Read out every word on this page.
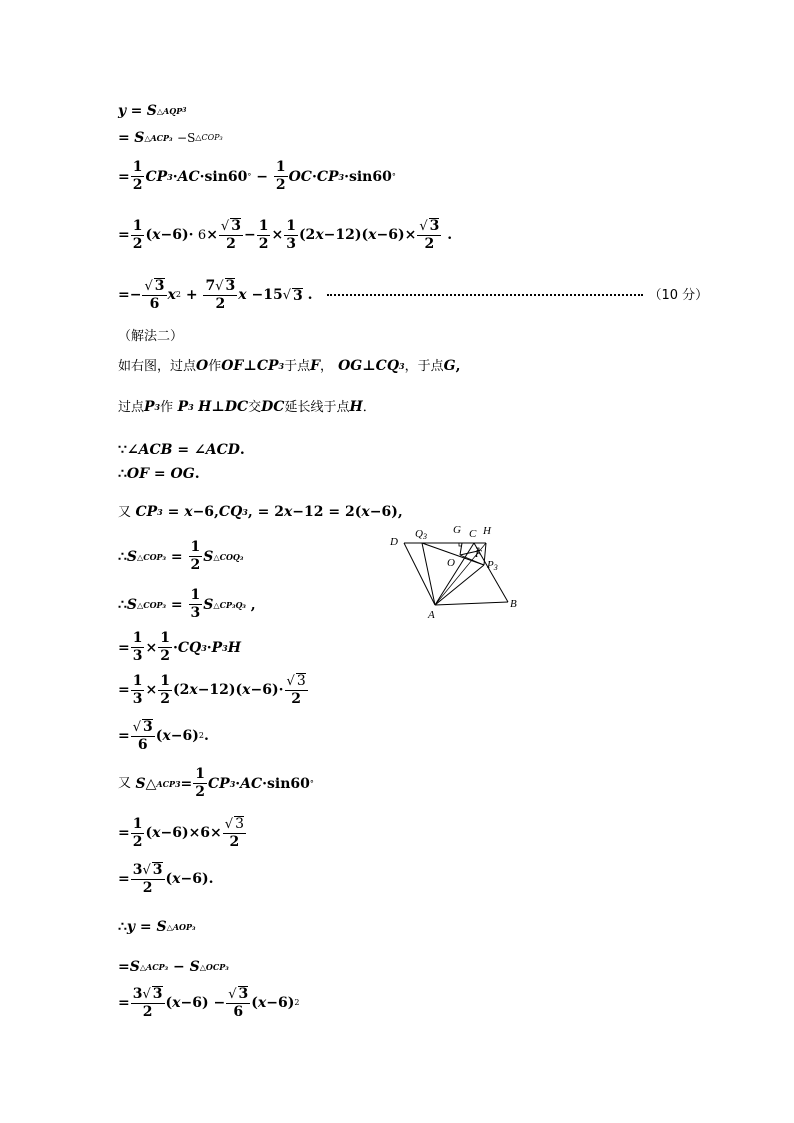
y
=
S △AQP 3
=
S △ACP₃
−S △COP₃
= $\frac{1}{2}$ CP 3 · AC ·sin60 ° − $\frac{1}{2}$ OC · CP 3 ·sin60 °
= $\frac{1}{2}$ ( x −6)·
$6 \times \frac{√ 3}{2} - \frac{1}{2} \times \frac{1}{3} (2$ x −12)( $x -6)\times \frac{√ 3}{2}$ .
=− $\frac{√ 3}{6}$ x $2 + \frac{7√ 3}{2}$ x −15 √ 3 .	（10 分）
（解法二）
如右图，过点 O 作 OF ⊥ CP 3 于点 F ， OG ⊥ CQ 3 ，于点 G ,
过点 P 3 作
P 3
H ⊥ DC 交 DC 延长线于点 H ．
∵ ∠ ACB = ∠ ACD .
∴ OF = OG .
又
CP 3 = x −6, CQ 3 , = 2 x −12 = 2( x −6),
∴ S △COP₃ = $\frac{1}{2}$ S △COQ₃
∴ S △COP₃ = $\frac{1}{3}$ S △CP₃Q₃ ,
= $\frac{1}{3} \times \frac{1}{2}$ · CQ 3 · P 3 H
= $\frac{1}{3} \times \frac{1}{2} (2$ x −12)( $x -6)\cdot \frac{√ 3}{2}$
= $\frac{√ 3}{6}$ ( x −6) 2 .
又
S △ $ACP3 = \frac{1}{2}$ CP 3 · AC ·sin60 °
= $\frac{1}{2}$ ( $x -6)\times 6\times \frac{√ 3}{2}$
= $\frac{3√ 3}{2}$ ( x −6).
∴ y = S △AOP₃
= S △ACP₃ − S △OCP₃
= $\frac{3√ 3}{2}$ ( $x -6) - \frac{√ 3}{6}$ ( x −6) 2
D
Q3
G C H
F
O	P3
A
B
